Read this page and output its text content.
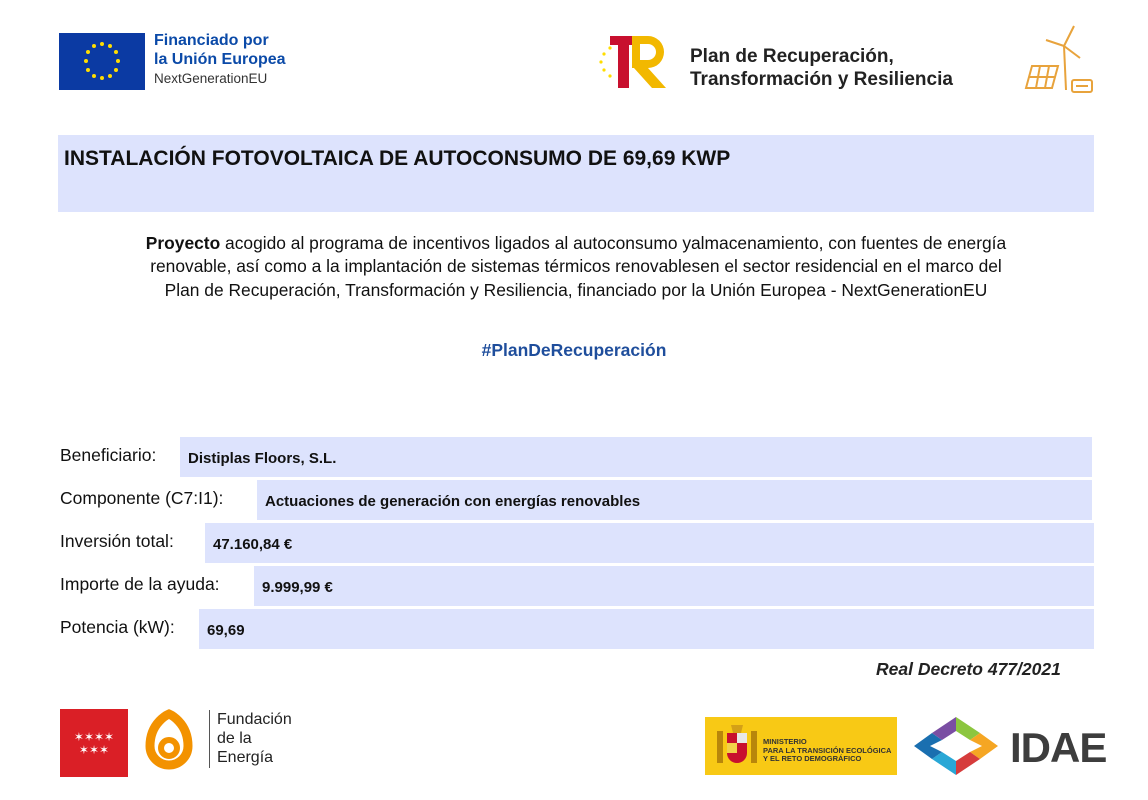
Financiado por
la Unión Europea
NextGenerationEU
Plan de Recuperación,
Transformación y Resiliencia
INSTALACIÓN FOTOVOLTAICA DE AUTOCONSUMO DE 69,69 KWP
Proyecto acogido al programa de incentivos ligados al autoconsumo yalmacenamiento, con fuentes de energía
renovable, así como a la implantación de sistemas térmicos renovablesen el sector residencial en el marco del
Plan de Recuperación, Transformación y Resiliencia, financiado por la Unión Europea - NextGenerationEU
#PlanDeRecuperación
Beneficiario:	Distiplas Floors, S.L.
Componente (C7:I1):	Actuaciones de generación con energías renovables
Inversión total:	47.160,84 €
Importe de la ayuda:	9.999,99 €
Potencia (kW):	69,69
Real Decreto 477/2021
✶✶✶✶
✶✶✶
Fundación
de la
Energía
MINISTERIO
PARA LA TRANSICIÓN ECOLÓGICA
Y EL RETO DEMOGRÁFICO	IDAE
